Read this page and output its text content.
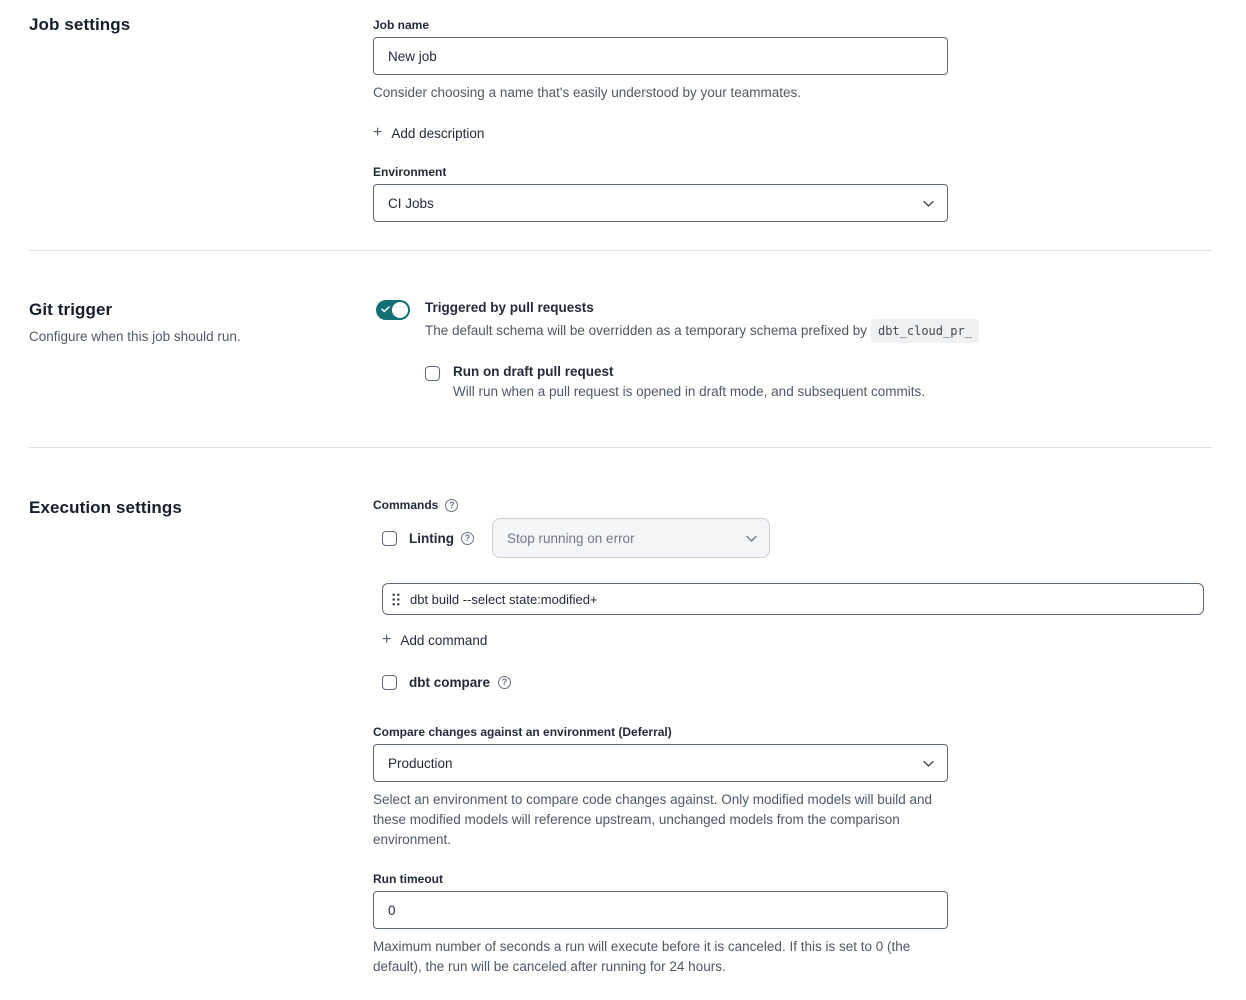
Job settings	Job name
New job
Consider choosing a name that's easily understood by your teammates.
+ Add description
Environment
CI Jobs
Git trigger
Configure when this job should run.
Triggered by pull requests
The default schema will be overridden as a temporary schema prefixed by dbt_cloud_pr_
Run on draft pull request
Will run when a pull request is opened in draft mode, and subsequent commits.
Execution settings	Commands	?
Linting	?	Stop running on error
dbt build --select state:modified+
+ Add command
dbt compare	?
Compare changes against an environment (Deferral)
Production
Select an environment to compare code changes against. Only modified models will build and these modified models will reference upstream, unchanged models from the comparison environment.
Run timeout
0
Maximum number of seconds a run will execute before it is canceled. If this is set to 0 (the default), the run will be canceled after running for 24 hours.
